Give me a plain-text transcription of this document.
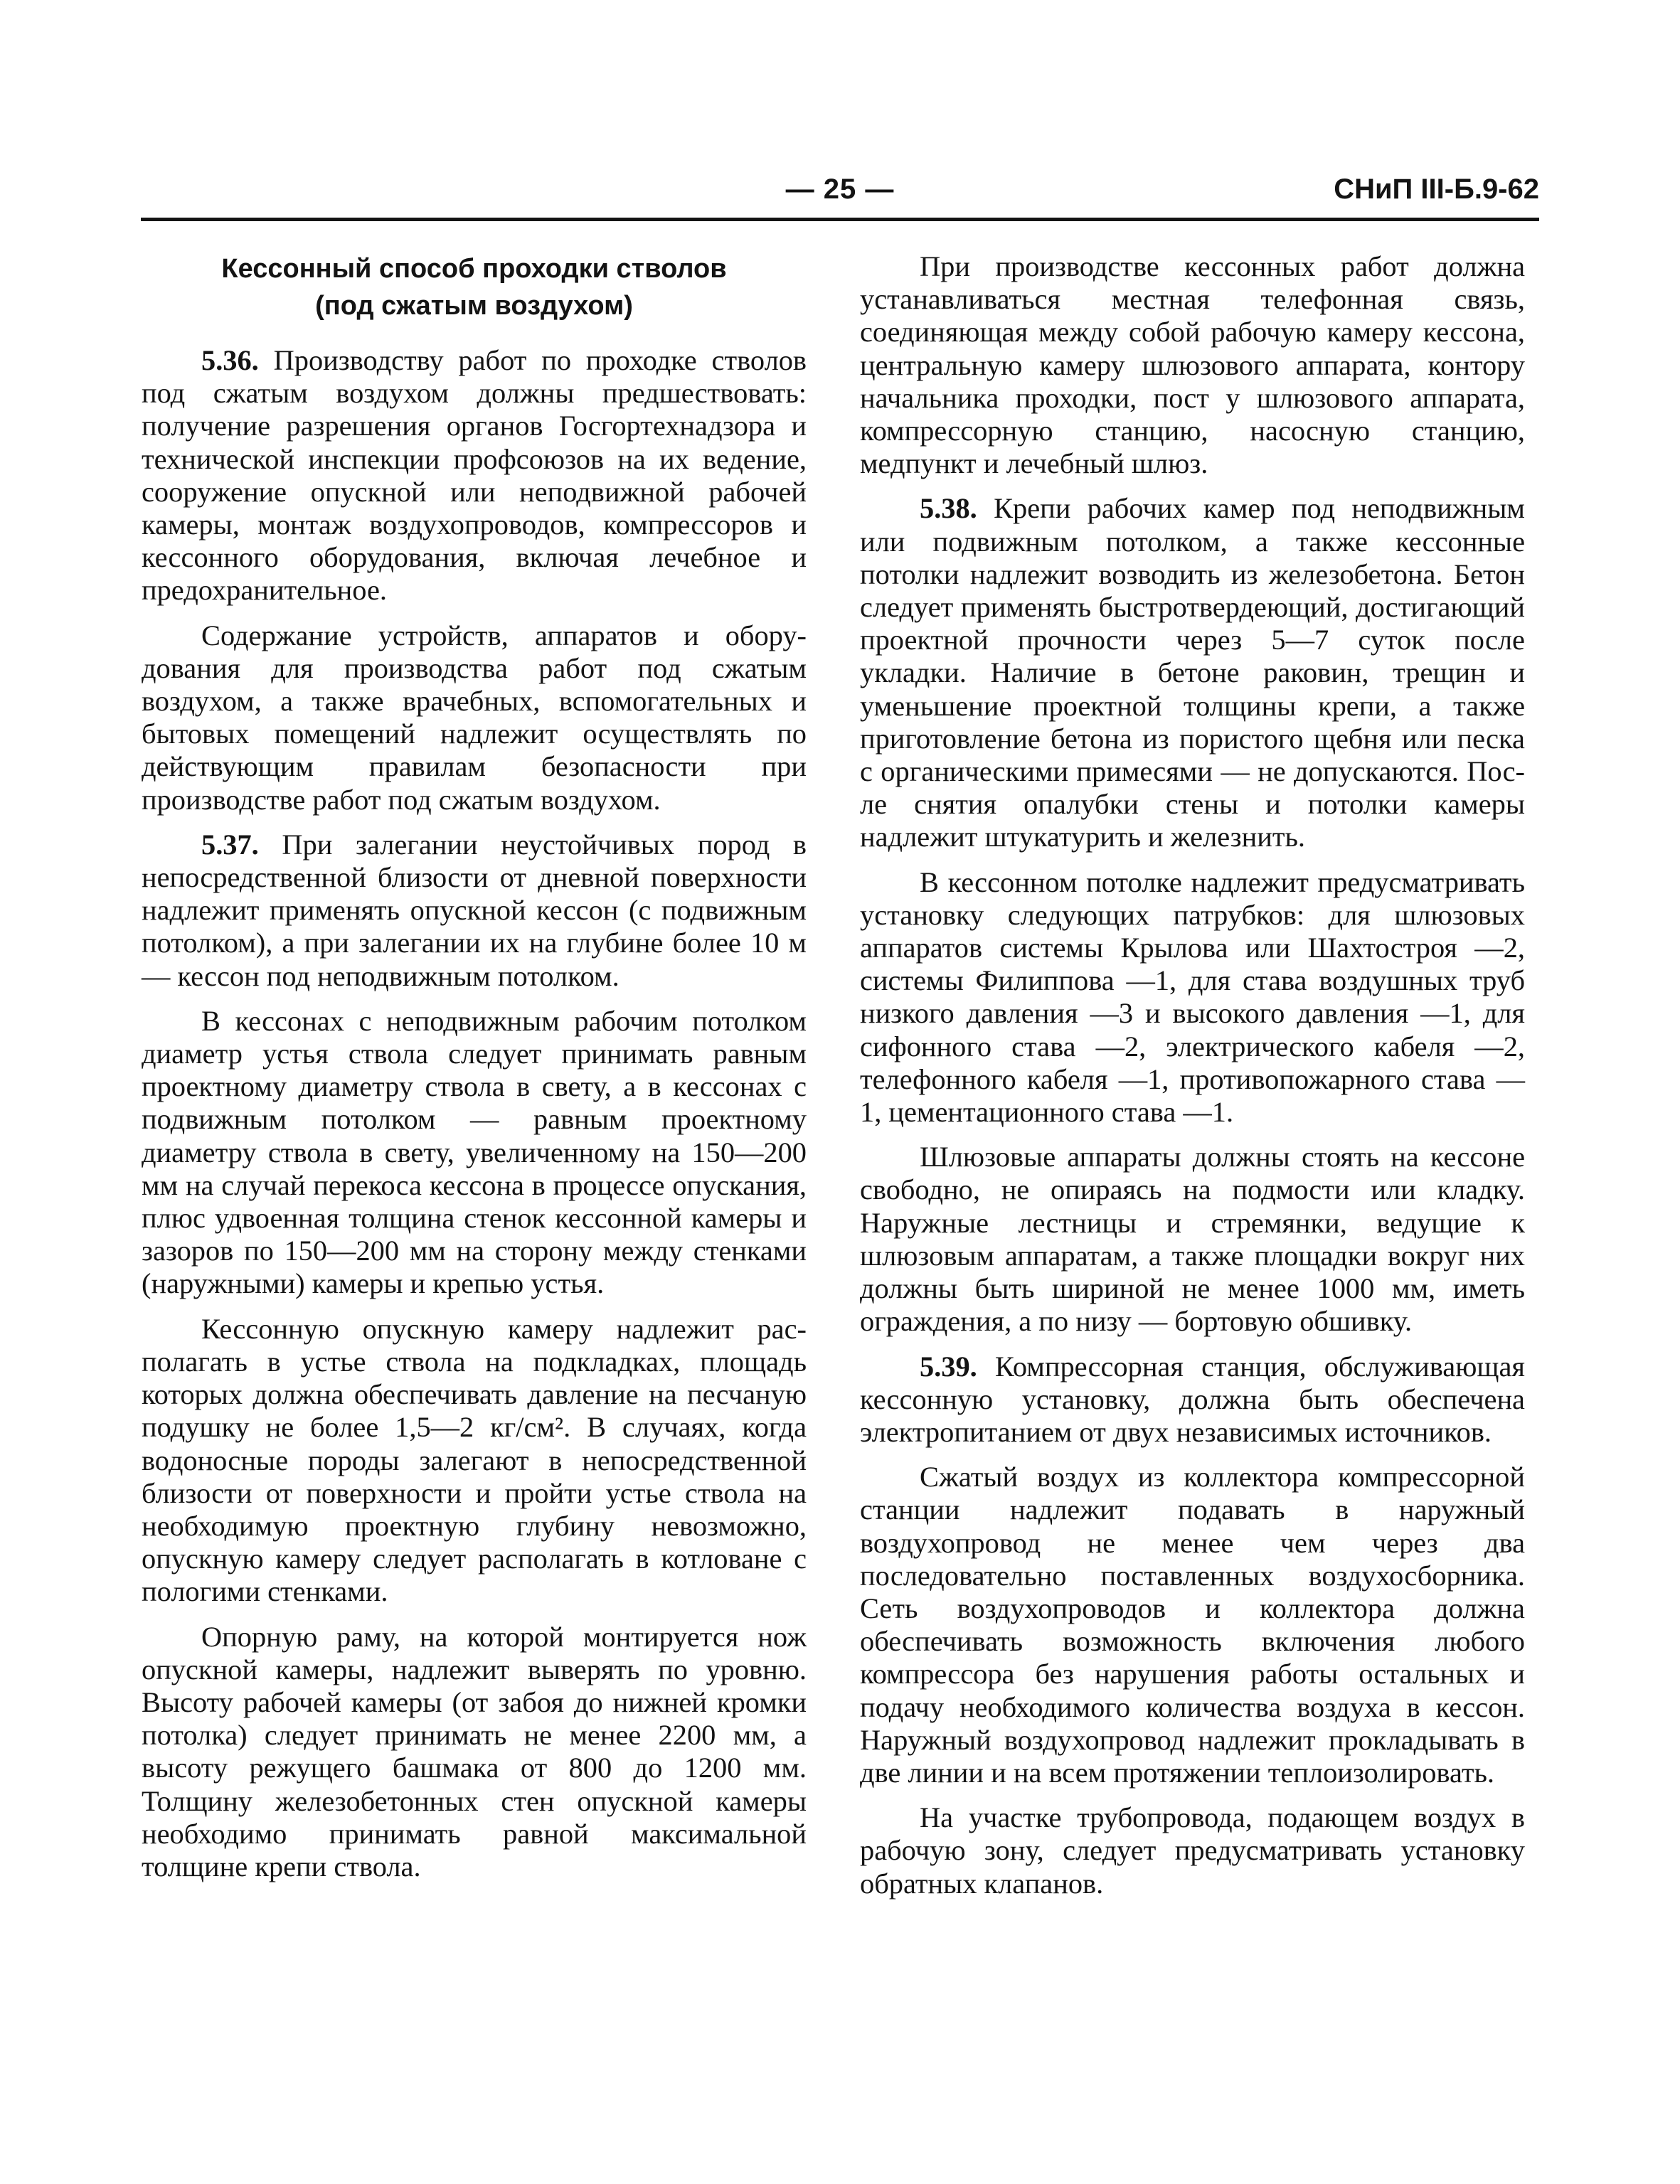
— 25 —	СНиП III-Б.9-62
Кессонный способ проходки стволов
(под сжатым воздухом)

5.36. Производству работ по проходке стволов под сжатым воздухом должны предшествовать: получение разрешения органов Госгортехнадзора и технической инспекции профсоюзов на их ведение, сооружение опускной или неподвижной рабочей камеры, монтаж воздухопроводов, компрессоров и кессонного оборудования, включая лечебное и предохранительное.

Содержание устройств, аппаратов и оборудования для производства работ под сжатым воздухом, а также врачебных, вспомогательных и бытовых помещений надлежит осуществлять по действующим правилам безопасности при производстве работ под сжатым воздухом.

5.37. При залегании неустойчивых пород в непосредственной близости от дневной поверхности надлежит применять опускной кессон (с подвижным потолком), а при залегании их на глубине более 10 м — кессон под неподвижным потолком.

В кессонах с неподвижным рабочим потолком диаметр устья ствола следует принимать равным проектному диаметру ствола в свету, а в кессонах с подвижным потолком — равным проектному диаметру ствола в свету, увеличенному на 150—200 мм на случай перекоса кессона в процессе опускания, плюс удвоенная толщина стенок кессонной камеры и зазоров по 150—200 мм на сторону между стенками (наружными) камеры и крепью устья.

Кессонную опускную камеру надлежит располагать в устье ствола на подкладках, площадь которых должна обеспечивать давление на песчаную подушку не более 1,5—2 кг/см². В случаях, когда водоносные породы залегают в непосредственной близости от поверхности и пройти устье ствола на необходимую проектную глубину невозможно, опускную камеру следует располагать в котловане с пологими стенками.

Опорную раму, на которой монтируется нож опускной камеры, надлежит выверять по уровню. Высоту рабочей камеры (от забоя до нижней кромки потолка) следует принимать не менее 2200 мм, а высоту режущего башмака от 800 до 1200 мм. Толщину железобетонных стен опускной камеры необходимо принимать равной максимальной толщине крепи ствола.

При производстве кессонных работ должна устанавливаться местная телефонная связь, соединяющая между собой рабочую камеру кессона, центральную камеру шлюзового аппарата, контору начальника проходки, пост у шлюзового аппарата, компрессорную станцию, насосную станцию, медпункт и лечебный шлюз.

5.38. Крепи рабочих камер под неподвижным или подвижным потолком, а также кессонные потолки надлежит возводить из железобетона. Бетон следует применять быстротвердеющий, достигающий проектной прочности через 5—7 суток после укладки. Наличие в бетоне раковин, трещин и уменьшение проектной толщины крепи, а также приготовление бетона из пористого щебня или песка с органическими примесями — не допускаются. После снятия опалубки стены и потолки камеры надлежит штукатурить и железнить.

В кессонном потолке надлежит предусматривать установку следующих патрубков: для шлюзовых аппаратов системы Крылова или Шахтостроя —2, системы Филиппова —1, для става воздушных труб низкого давления —3 и высокого давления —1, для сифонного става —2, электрического кабеля —2, телефонного кабеля —1, противопожарного става —1, цементационного става —1.

Шлюзовые аппараты должны стоять на кессоне свободно, не опираясь на подмости или кладку. Наружные лестницы и стремянки, ведущие к шлюзовым аппаратам, а также площадки вокруг них должны быть шириной не менее 1000 мм, иметь ограждения, а по низу — бортовую обшивку.

5.39. Компрессорная станция, обслуживающая кессонную установку, должна быть обеспечена электропитанием от двух независимых источников.

Сжатый воздух из коллектора компрессорной станции надлежит подавать в наружный воздухопровод не менее чем через два последовательно поставленных воздухосборника. Сеть воздухопроводов и коллектора должна обеспечивать возможность включения любого компрессора без нарушения работы остальных и подачу необходимого количества воздуха в кессон. Наружный воздухопровод надлежит прокладывать в две линии и на всем протяжении теплоизолировать.

На участке трубопровода, подающем воздух в рабочую зону, следует предусматривать установку обратных клапанов.
